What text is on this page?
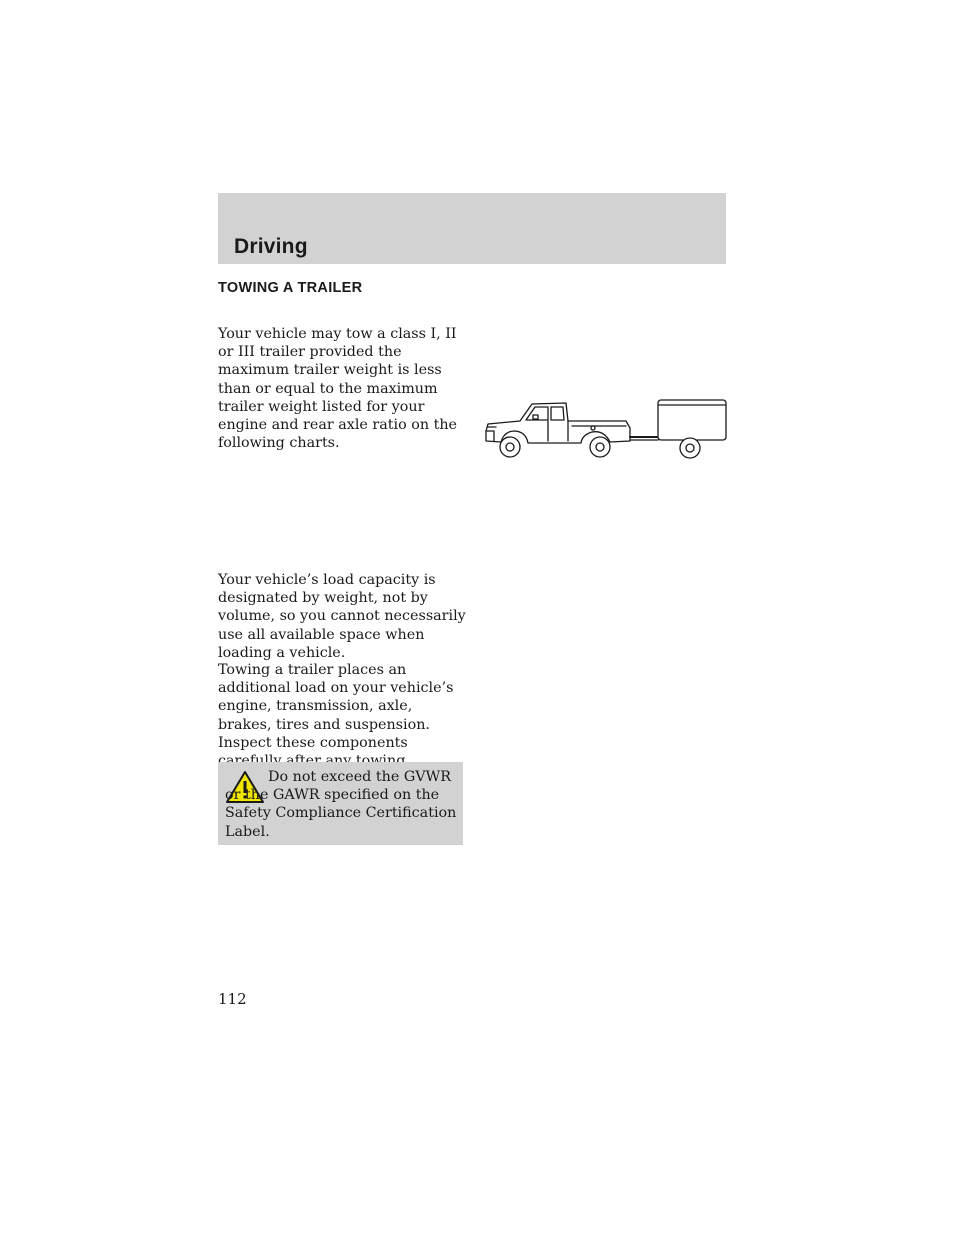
Driving
TOWING A TRAILER

Your vehicle may tow a class I, II or III trailer provided the maximum trailer weight is less than or equal to the maximum trailer weight listed for your engine and rear axle ratio on the following charts.

Your vehicle’s load capacity is designated by weight, not by volume, so you cannot necessarily use all available space when loading a vehicle.

Towing a trailer places an additional load on your vehicle’s engine, transmission, axle, brakes, tires and suspension. Inspect these components

Do not exceed the GVWR or the GAWR specified on the Safety Compliance Certification Label.

112
